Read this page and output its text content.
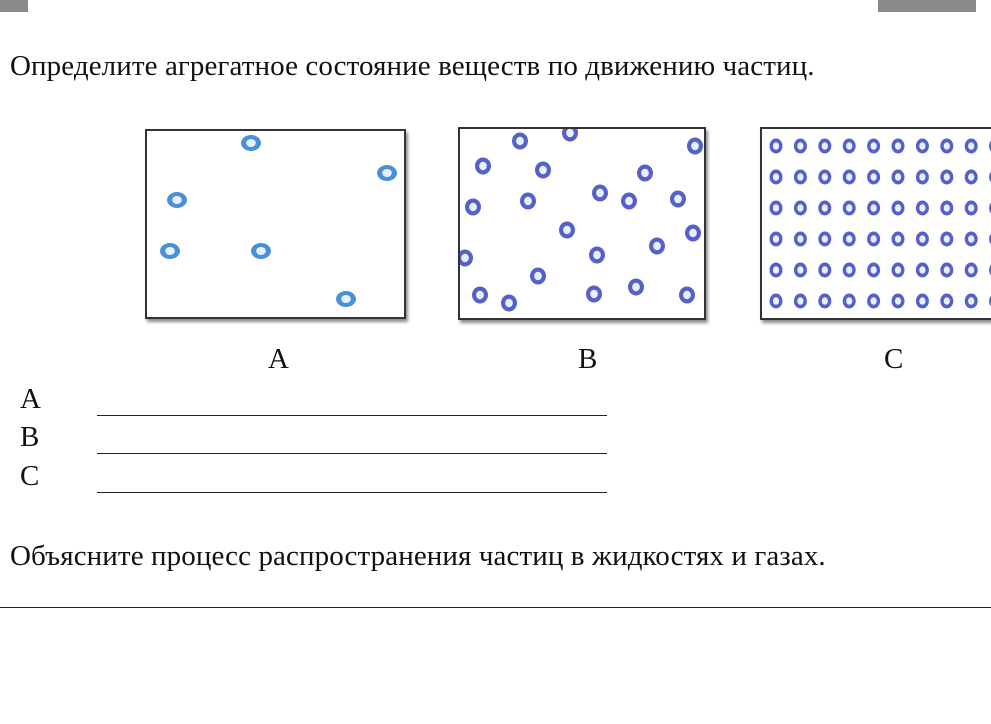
Определите агрегатное состояние веществ по движению частиц.
A	B	C
A
B
C
Объясните процесс распространения частиц в жидкостях и газах.
